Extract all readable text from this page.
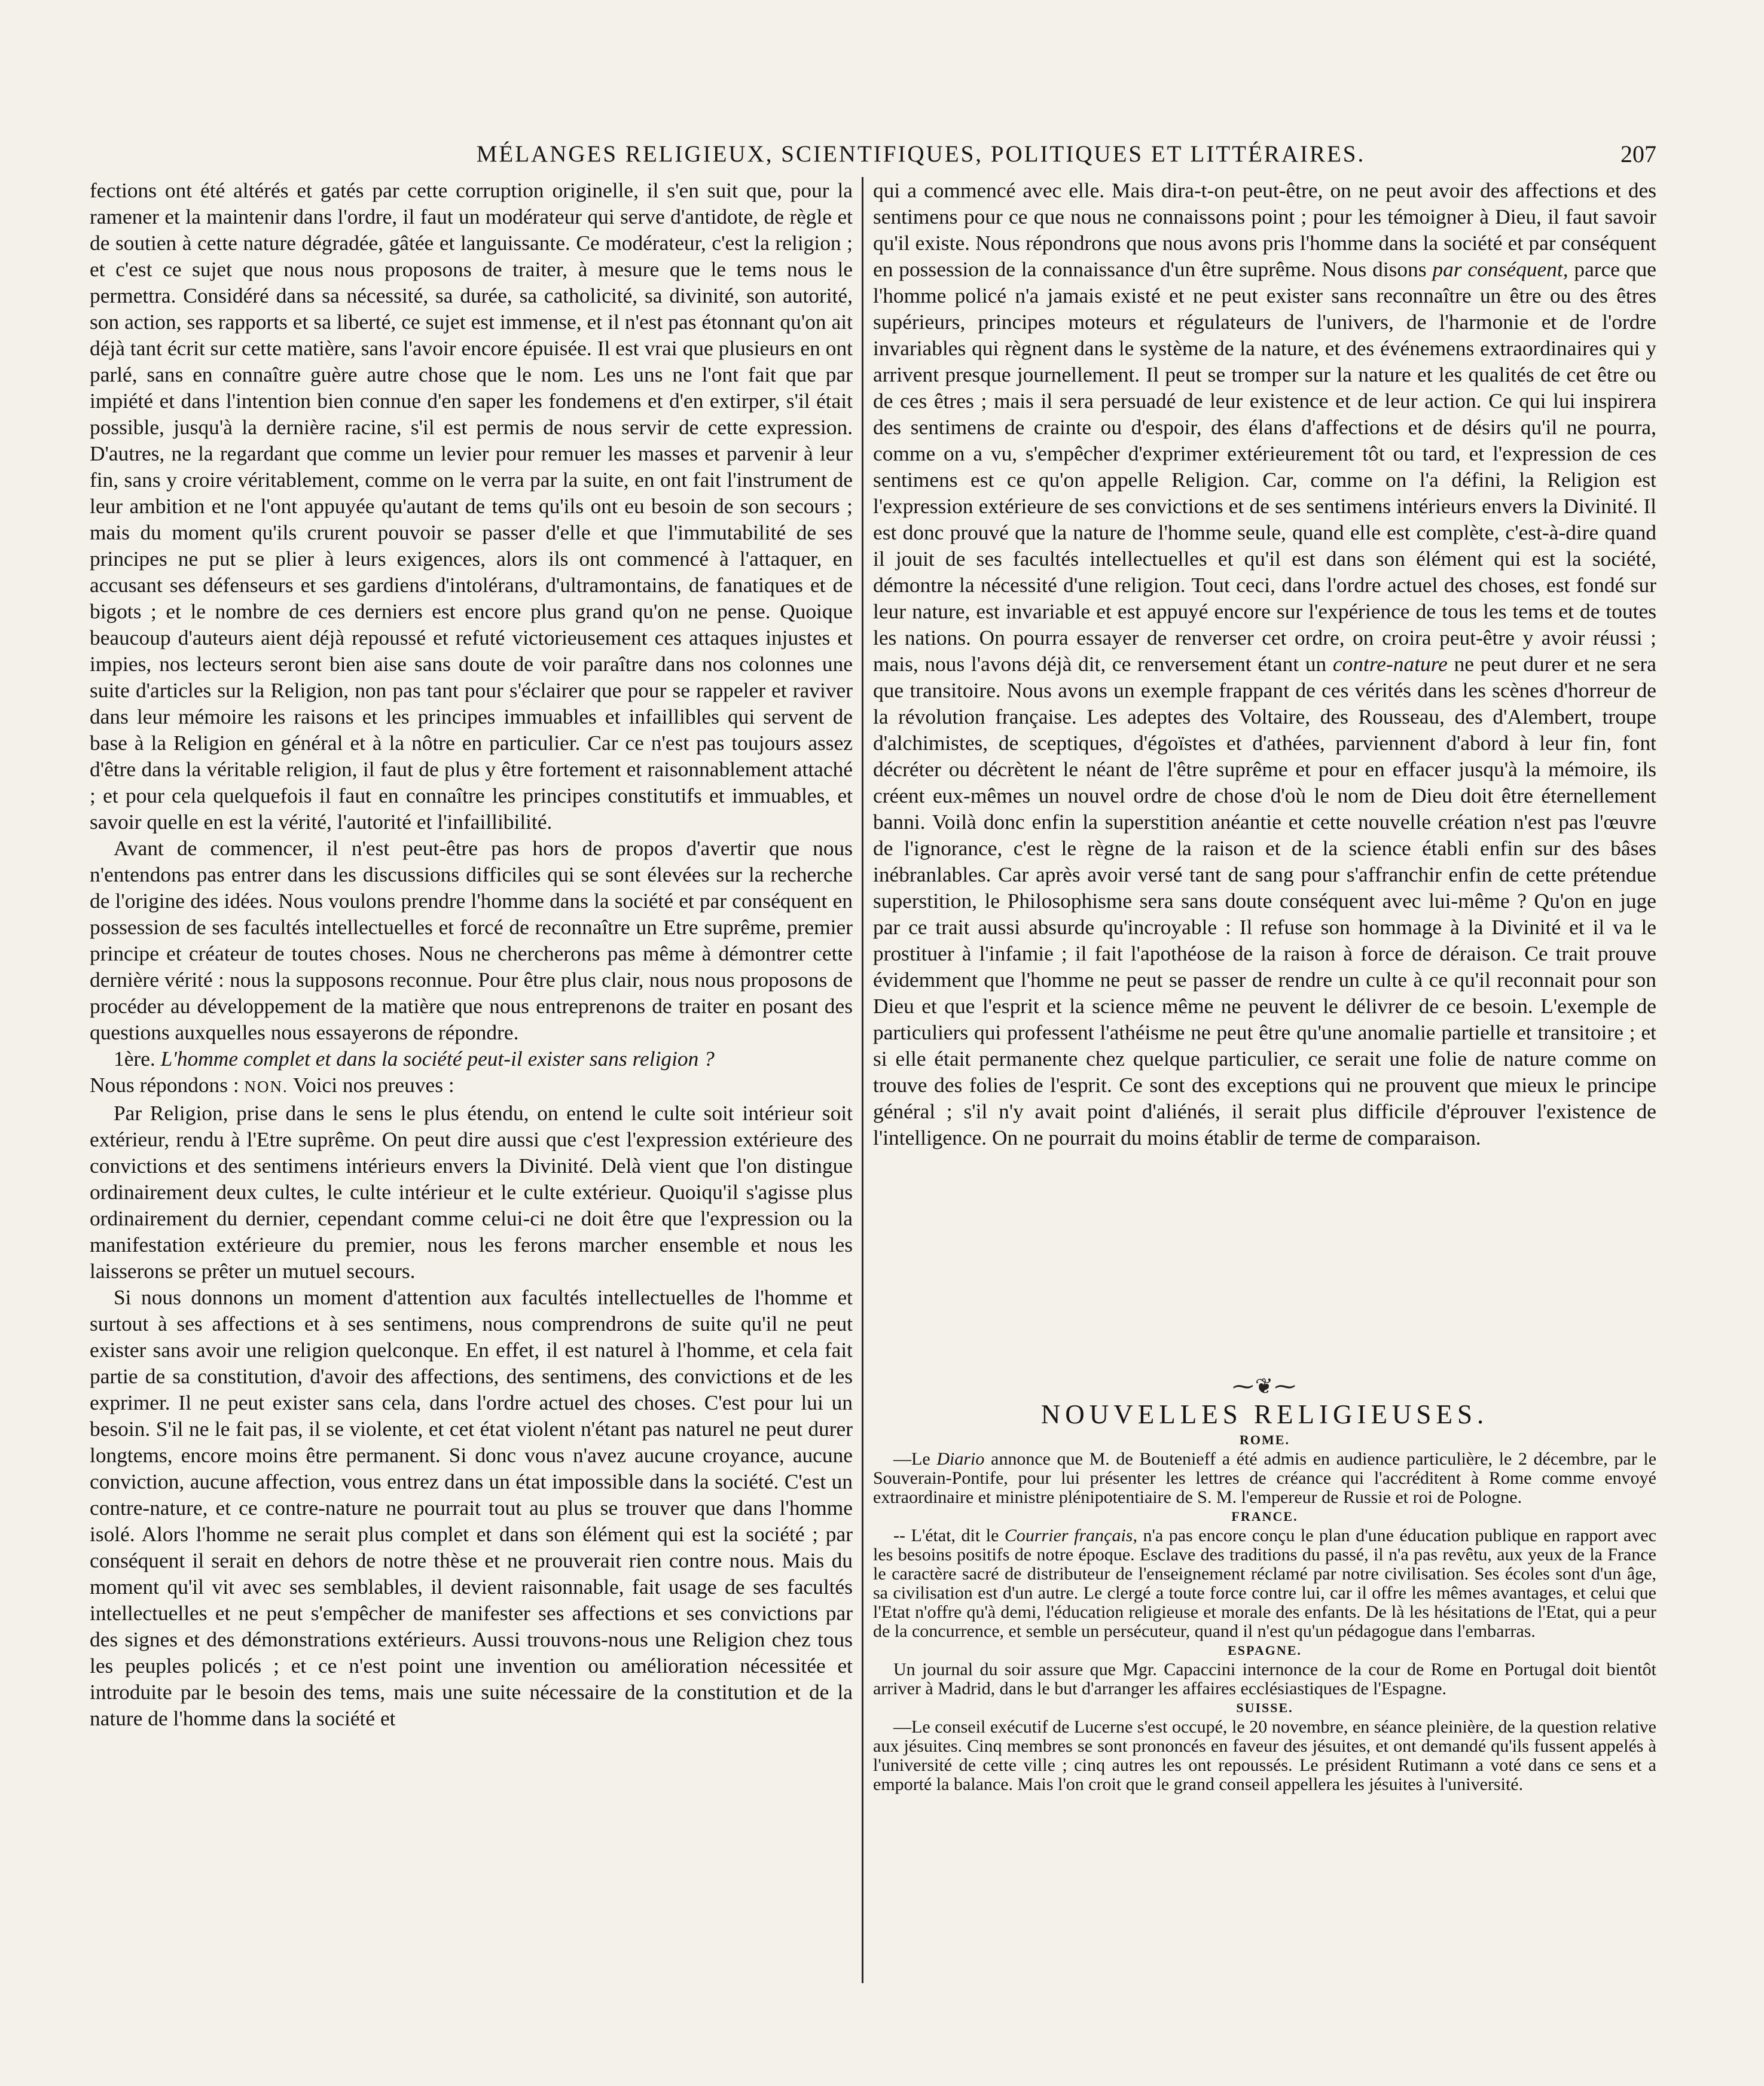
MÉLANGES RELIGIEUX, SCIENTIFIQUES, POLITIQUES ET LITTÉRAIRES.	207

fections ont été altérés et gatés par cette corruption originelle, il s'en suit que, pour la ramener et la maintenir dans l'ordre, il faut un modérateur qui serve d'antidote, de règle et de soutien à cette nature dégradée, gâtée et languissante. Ce modérateur, c'est la religion ; et c'est ce sujet que nous nous proposons de traiter, à mesure que le tems nous le permettra. Considéré dans sa nécessité, sa durée, sa catholicité, sa divinité, son autorité, son action, ses rapports et sa liberté, ce sujet est immense, et il n'est pas étonnant qu'on ait déjà tant écrit sur cette matière, sans l'avoir encore épuisée. Il est vrai que plusieurs en ont parlé, sans en connaître guère autre chose que le nom. Les uns ne l'ont fait que par impiété et dans l'intention bien connue d'en saper les fondemens et d'en extirper, s'il était possible, jusqu'à la dernière racine, s'il est permis de nous servir de cette expression. D'autres, ne la regardant que comme un levier pour remuer les masses et parvenir à leur fin, sans y croire véritablement, comme on le verra par la suite, en ont fait l'instrument de leur ambition et ne l'ont appuyée qu'autant de tems qu'ils ont eu besoin de son secours ; mais du moment qu'ils crurent pouvoir se passer d'elle et que l'immutabilité de ses principes ne put se plier à leurs exigences, alors ils ont commencé à l'attaquer, en accusant ses défenseurs et ses gardiens d'intolérans, d'ultramontains, de fanatiques et de bigots ; et le nombre de ces derniers est encore plus grand qu'on ne pense. Quoique beaucoup d'auteurs aient déjà repoussé et refuté victorieusement ces attaques injustes et impies, nos lecteurs seront bien aise sans doute de voir paraître dans nos colonnes une suite d'articles sur la Religion, non pas tant pour s'éclairer que pour se rappeler et raviver dans leur mémoire les raisons et les principes immuables et infaillibles qui servent de base à la Religion en général et à la nôtre en particulier. Car ce n'est pas toujours assez d'être dans la véritable religion, il faut de plus y être fortement et raisonnablement attaché ; et pour cela quelquefois il faut en connaître les principes constitutifs et immuables, et savoir quelle en est la vérité, l'autorité et l'infaillibilité.

Avant de commencer, il n'est peut-être pas hors de propos d'avertir que nous n'entendons pas entrer dans les discussions difficiles qui se sont élevées sur la recherche de l'origine des idées. Nous voulons prendre l'homme dans la société et par conséquent en possession de ses facultés intellectuelles et forcé de reconnaître un Etre suprême, premier principe et créateur de toutes choses. Nous ne chercherons pas même à démontrer cette dernière vérité : nous la supposons reconnue. Pour être plus clair, nous nous proposons de procéder au développement de la matière que nous entreprenons de traiter en posant des questions auxquelles nous essayerons de répondre.

1ère. L'homme complet et dans la société peut-il exister sans religion ?

Nous répondons : NON. Voici nos preuves :

Par Religion, prise dans le sens le plus étendu, on entend le culte soit intérieur soit extérieur, rendu à l'Etre suprême. On peut dire aussi que c'est l'expression extérieure des convictions et des sentimens intérieurs envers la Divinité. Delà vient que l'on distingue ordinairement deux cultes, le culte intérieur et le culte extérieur. Quoiqu'il s'agisse plus ordinairement du dernier, cependant comme celui-ci ne doit être que l'expression ou la manifestation extérieure du premier, nous les ferons marcher ensemble et nous les laisserons se prêter un mutuel secours.

Si nous donnons un moment d'attention aux facultés intellectuelles de l'homme et surtout à ses affections et à ses sentimens, nous comprendrons de suite qu'il ne peut exister sans avoir une religion quelconque. En effet, il est naturel à l'homme, et cela fait partie de sa constitution, d'avoir des affections, des sentimens, des convictions et de les exprimer. Il ne peut exister sans cela, dans l'ordre actuel des choses. C'est pour lui un besoin. S'il ne le fait pas, il se violente, et cet état violent n'étant pas naturel ne peut durer longtems, encore moins être permanent. Si donc vous n'avez aucune croyance, aucune conviction, aucune affection, vous entrez dans un état impossible dans la société. C'est un contre-nature, et ce contre-nature ne pourrait tout au plus se trouver que dans l'homme isolé. Alors l'homme ne serait plus complet et dans son élément qui est la société ; par conséquent il serait en dehors de notre thèse et ne prouverait rien contre nous. Mais du moment qu'il vit avec ses semblables, il devient raisonnable, fait usage de ses facultés intellectuelles et ne peut s'empêcher de manifester ses affections et ses convictions par des signes et des démonstrations extérieurs. Aussi trouvons-nous une Religion chez tous les peuples policés ; et ce n'est point une invention ou amélioration nécessitée et introduite par le besoin des tems, mais une suite nécessaire de la constitution et de la nature de l'homme dans la société et

qui a commencé avec elle. Mais dira-t-on peut-être, on ne peut avoir des affections et des sentimens pour ce que nous ne connaissons point ; pour les témoigner à Dieu, il faut savoir qu'il existe. Nous répondrons que nous avons pris l'homme dans la société et par conséquent en possession de la connaissance d'un être suprême. Nous disons par conséquent, parce que l'homme policé n'a jamais existé et ne peut exister sans reconnaître un être ou des êtres supérieurs, principes moteurs et régulateurs de l'univers, de l'harmonie et de l'ordre invariables qui règnent dans le système de la nature, et des événemens extraordinaires qui y arrivent presque journellement. Il peut se tromper sur la nature et les qualités de cet être ou de ces êtres ; mais il sera persuadé de leur existence et de leur action. Ce qui lui inspirera des sentimens de crainte ou d'espoir, des élans d'affections et de désirs qu'il ne pourra, comme on a vu, s'empêcher d'exprimer extérieurement tôt ou tard, et l'expression de ces sentimens est ce qu'on appelle Religion. Car, comme on l'a défini, la Religion est l'expression extérieure de ses convictions et de ses sentimens intérieurs envers la Divinité. Il est donc prouvé que la nature de l'homme seule, quand elle est complète, c'est-à-dire quand il jouit de ses facultés intellectuelles et qu'il est dans son élément qui est la société, démontre la nécessité d'une religion. Tout ceci, dans l'ordre actuel des choses, est fondé sur leur nature, est invariable et est appuyé encore sur l'expérience de tous les tems et de toutes les nations. On pourra essayer de renverser cet ordre, on croira peut-être y avoir réussi ; mais, nous l'avons déjà dit, ce renversement étant un contre-nature ne peut durer et ne sera que transitoire. Nous avons un exemple frappant de ces vérités dans les scènes d'horreur de la révolution française. Les adeptes des Voltaire, des Rousseau, des d'Alembert, troupe d'alchimistes, de sceptiques, d'égoïstes et d'athées, parviennent d'abord à leur fin, font décréter ou décrètent le néant de l'être suprême et pour en effacer jusqu'à la mémoire, ils créent eux-mêmes un nouvel ordre de chose d'où le nom de Dieu doit être éternellement banni. Voilà donc enfin la superstition anéantie et cette nouvelle création n'est pas l'œuvre de l'ignorance, c'est le règne de la raison et de la science établi enfin sur des bâses inébranlables. Car après avoir versé tant de sang pour s'affranchir enfin de cette prétendue superstition, le Philosophisme sera sans doute conséquent avec lui-même ? Qu'on en juge par ce trait aussi absurde qu'incroyable : Il refuse son hommage à la Divinité et il va le prostituer à l'infamie ; il fait l'apothéose de la raison à force de déraison. Ce trait prouve évidemment que l'homme ne peut se passer de rendre un culte à ce qu'il reconnait pour son Dieu et que l'esprit et la science même ne peuvent le délivrer de ce besoin. L'exemple de particuliers qui professent l'athéisme ne peut être qu'une anomalie partielle et transitoire ; et si elle était permanente chez quelque particulier, ce serait une folie de nature comme on trouve des folies de l'esprit. Ce sont des exceptions qui ne prouvent que mieux le principe général ; s'il n'y avait point d'aliénés, il serait plus difficile d'éprouver l'existence de l'intelligence. On ne pourrait du moins établir de terme de comparaison.

⁓❦⁓

NOUVELLES RELIGIEUSES.

ROME.

—Le Diario annonce que M. de Bouteniеff a été admis en audience particulière, le 2 décembre, par le Souverain-Pontife, pour lui présenter les lettres de créance qui l'accréditent à Rome comme envoyé extraordinaire et ministre plénipotentiaire de S. M. l'empereur de Russie et roi de Pologne.

FRANCE.

-- L'état, dit le Courrier français, n'a pas encore conçu le plan d'une éducation publique en rapport avec les besoins positifs de notre époque. Esclave des traditions du passé, il n'a pas revêtu, aux yeux de la France le caractère sacré de distributeur de l'enseignement réclamé par notre civilisation. Ses écoles sont d'un âge, sa civilisation est d'un autre. Le clergé a toute force contre lui, car il offre les mêmes avantages, et celui que l'Etat n'offre qu'à demi, l'éducation religieuse et morale des enfants. De là les hésitations de l'Etat, qui a peur de la concurrence, et semble un persécuteur, quand il n'est qu'un pédagogue dans l'embarras.

ESPAGNE.

Un journal du soir assure que Mgr. Capaccini internonce de la cour de Rome en Portugal doit bientôt arriver à Madrid, dans le but d'arranger les affaires ecclésiastiques de l'Espagne.

SUISSE.

—Le conseil exécutif de Lucerne s'est occupé, le 20 novembre, en séance pleinière, de la question relative aux jésuites. Cinq membres se sont prononcés en faveur des jésuites, et ont demandé qu'ils fussent appelés à l'université de cette ville ; cinq autres les ont repoussés. Le président Rutimann a voté dans ce sens et a emporté la balance. Mais l'on croit que le grand conseil appellera les jésuites à l'université.
